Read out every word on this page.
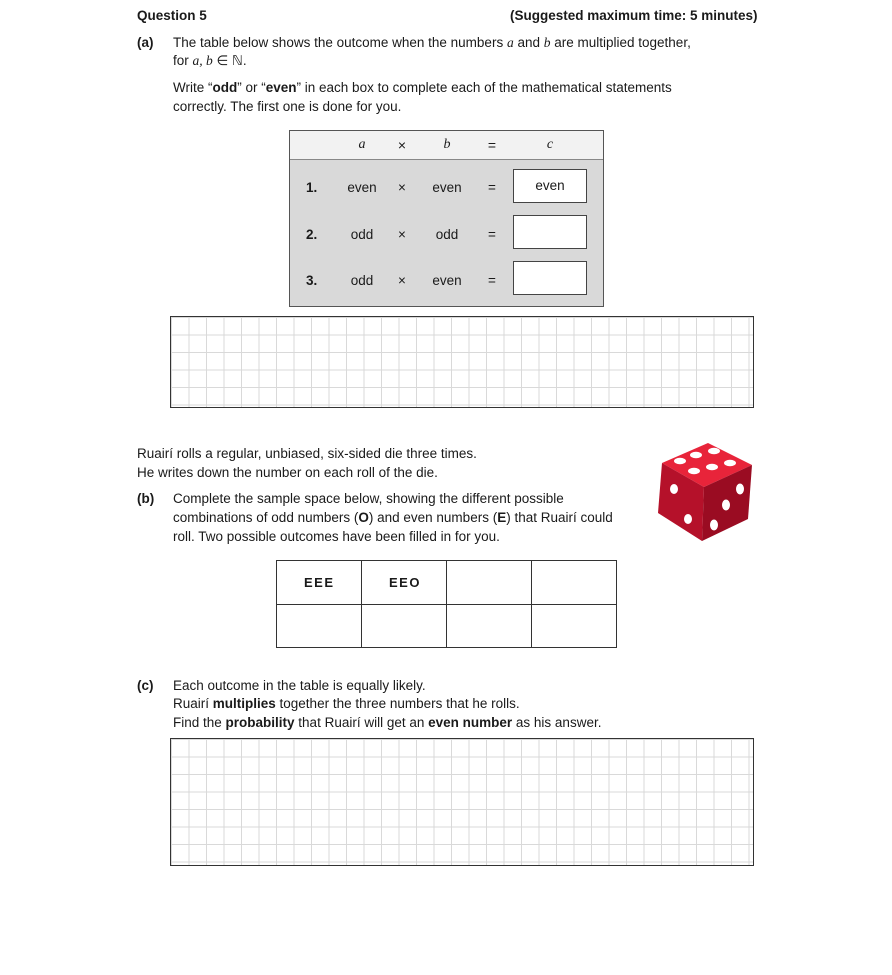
Question 5	(Suggested maximum time: 5 minutes)
(a) The table below shows the outcome when the numbers a and b are multiplied together,
for a, b ∈ ℕ.
Write “odd” or “even” in each box to complete each of the mathematical statements
correctly. The first one is done for you.
a	×	b	=	c
1.	even	×	even	=	even
2.	odd	×	odd	=
3.	odd	×	even	=
Ruairí rolls a regular, unbiased, six-sided die three times.
He writes down the number on each roll of the die.
(b) Complete the sample space below, showing the different possible
combinations of odd numbers (O) and even numbers (E) that Ruairí could
roll. Two possible outcomes have been filled in for you.
EEE	EEO		

(c) Each outcome in the table is equally likely.
Ruairí multiplies together the three numbers that he rolls.
Find the probability that Ruairí will get an even number as his answer.
